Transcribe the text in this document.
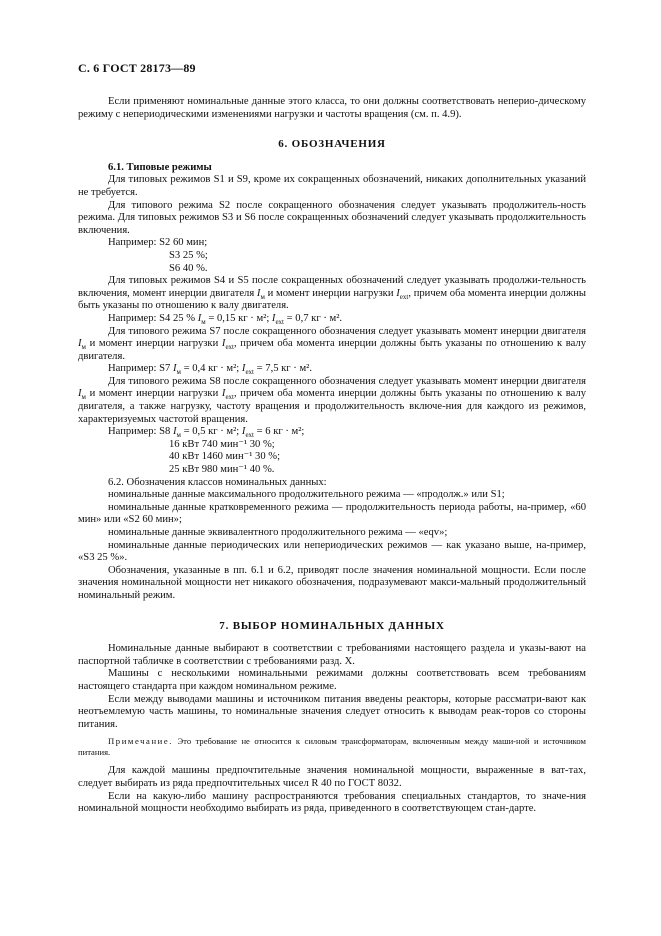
С. 6 ГОСТ 28173—89

Если применяют номинальные данные этого класса, то они должны соответствовать неперио-дическому режиму с непериодическими изменениями нагрузки и частоты вращения (см. п. 4.9).

6. ОБОЗНАЧЕНИЯ

6.1. Типовые режимы

Для типовых режимов S1 и S9, кроме их сокращенных обозначений, никаких дополнительных указаний не требуется.

Для типового режима S2 после сокращенного обозначения следует указывать продолжитель-ность режима. Для типовых режимов S3 и S6 после сокращенных обозначений следует указывать продолжительность включения.

Например: S2 60 мин;

S3 25 %;

S6 40 %.

Для типовых режимов S4 и S5 после сокращенных обозначений следует указывать продолжи-тельность включения, момент инерции двигателя $I_м$ и момент инерции нагрузки $I_{ext}$, причем оба момента инерции должны быть указаны по отношению к валу двигателя.

Например: S4 25 % $I_м = 0,15$ кг · м²; $I_{ext} = 0,7$ кг · м².

Для типового режима S7 после сокращенного обозначения следует указывать момент инерции двигателя $I_м$ и момент инерции нагрузки $I_{ext}$, причем оба момента инерции должны быть указаны по отношению к валу двигателя.

Например: S7 $I_м = 0,4$ кг · м²; $I_{ext} = 7,5$ кг · м².

Для типового режима S8 после сокращенного обозначения следует указывать момент инерции двигателя $I_м$ и момент инерции нагрузки $I_{ext}$, причем оба момента инерции должны быть указаны по отношению к валу двигателя, а также нагрузку, частоту вращения и продолжительность включе-ния для каждого из режимов, характеризуемых частотой вращения.

Например: S8 $I_м = 0,5$ кг · м²; $I_{ext} = 6$ кг · м²;

16 кВт 740 мин⁻¹ 30 %;

40 кВт 1460 мин⁻¹ 30 %;

25 кВт 980 мин⁻¹ 40 %.

6.2. Обозначения классов номинальных данных:

номинальные данные максимального продолжительного режима — «продолж.» или S1;

номинальные данные кратковременного режима — продолжительность периода работы, на-пример, «60 мин» или «S2 60 мин»;

номинальные данные эквивалентного продолжительного режима — «eqv»;

номинальные данные периодических или непериодических режимов — как указано выше, на-пример, «S3 25 %».

Обозначения, указанные в пп. 6.1 и 6.2, приводят после значения номинальной мощности. Если после значения номинальной мощности нет никакого обозначения, подразумевают макси-мальный продолжительный номинальный режим.

7. ВЫБОР НОМИНАЛЬНЫХ ДАННЫХ

Номинальные данные выбирают в соответствии с требованиями настоящего раздела и указы-вают на паспортной табличке в соответствии с требованиями разд. X.

Машины с несколькими номинальными режимами должны соответствовать всем требованиям настоящего стандарта при каждом номинальном режиме.

Если между выводами машины и источником питания введены реакторы, которые рассматри-вают как неотъемлемую часть машины, то номинальные значения следует относить к выводам реак-торов со стороны питания.

Примечание. Это требование не относится к силовым трансформаторам, включенным между маши-ной и источником питания.

Для каждой машины предпочтительные значения номинальной мощности, выраженные в ват-тах, следует выбирать из ряда предпочтительных чисел R 40 по ГОСТ 8032.

Если на какую-либо машину распространяются требования специальных стандартов, то значе-ния номинальной мощности необходимо выбирать из ряда, приведенного в соответствующем стан-дарте.
